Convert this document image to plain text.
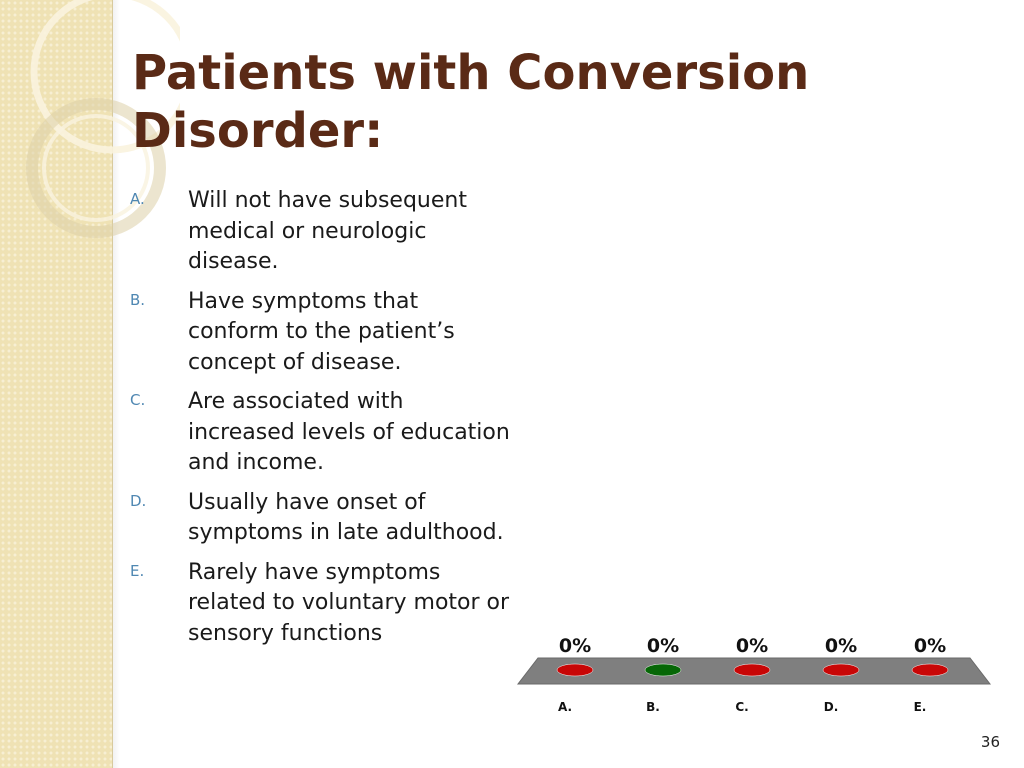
Patients with Conversion Disorder:
A. Will not have subsequent medical or neurologic disease.
B. Have symptoms that conform to the patient’s concept of disease.
C. Are associated with increased levels of education and income.
D. Usually have onset of symptoms in late adulthood.
E. Rarely have symptoms related to voluntary motor or sensory functions
0%
A.
0%
B.
0%
C.
0%
D.
0%
E.
36
